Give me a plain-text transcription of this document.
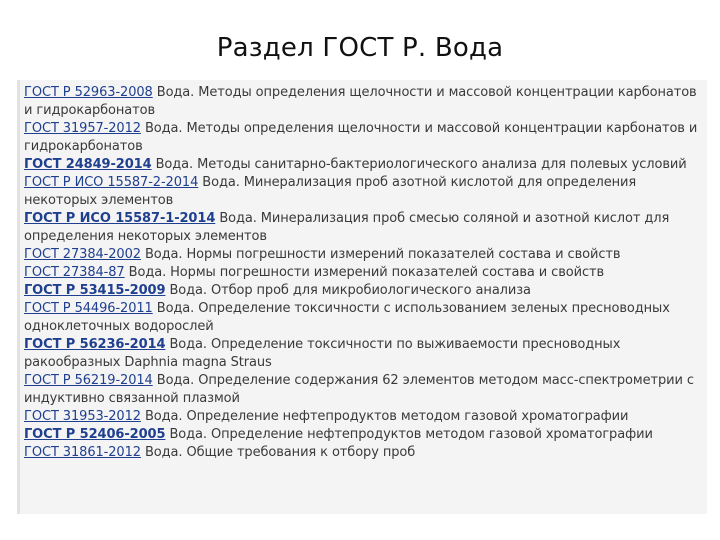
Раздел ГОСТ Р. Вода

ГОСТ Р 52963-2008 Вода. Методы определения щелочности и массовой концентрации карбонатов и гидрокарбонатов

ГОСТ 31957-2012 Вода. Методы определения щелочности и массовой концентрации карбонатов и гидрокарбонатов

ГОСТ 24849-2014 Вода. Методы санитарно-бактериологического анализа для полевых условий

ГОСТ Р ИСО 15587-2-2014 Вода. Минерализация проб азотной кислотой для определения некоторых элементов

ГОСТ Р ИСО 15587-1-2014 Вода. Минерализация проб смесью соляной и азотной кислот для определения некоторых элементов

ГОСТ 27384-2002 Вода. Нормы погрешности измерений показателей состава и свойств

ГОСТ 27384-87 Вода. Нормы погрешности измерений показателей состава и свойств

ГОСТ Р 53415-2009 Вода. Отбор проб для микробиологического анализа

ГОСТ Р 54496-2011 Вода. Определение токсичности с использованием зеленых пресноводных одноклеточных водорослей

ГОСТ Р 56236-2014 Вода. Определение токсичности по выживаемости пресноводных ракообразных Daphnia magna Straus

ГОСТ Р 56219-2014 Вода. Определение содержания 62 элементов методом масс-спектрометрии с индуктивно связанной плазмой

ГОСТ 31953-2012 Вода. Определение нефтепродуктов методом газовой хроматографии

ГОСТ Р 52406-2005 Вода. Определение нефтепродуктов методом газовой хроматографии

ГОСТ 31861-2012 Вода. Общие требования к отбору проб
